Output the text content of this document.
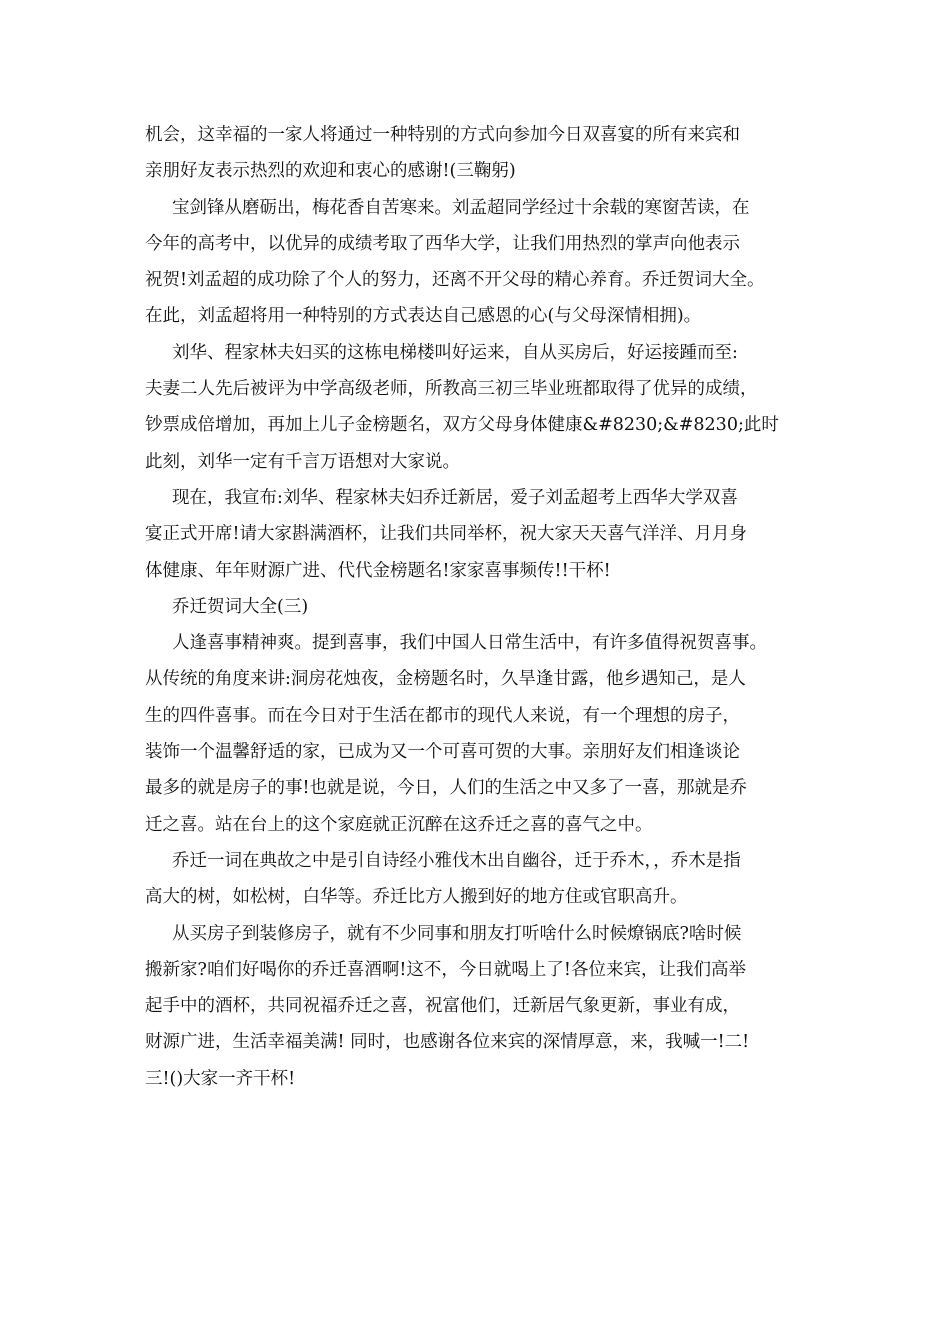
机会，这幸福的一家人将通过一种特别的方式向参加今日双喜宴的所有来宾和
亲朋好友表示热烈的欢迎和衷心的感谢!(三鞠躬)
宝剑锋从磨砺出，梅花香自苦寒来。刘孟超同学经过十余载的寒窗苦读，在
今年的高考中，以优异的成绩考取了西华大学，让我们用热烈的掌声向他表示
祝贺!刘孟超的成功除了个人的努力，还离不开父母的精心养育。乔迁贺词大全。
在此，刘孟超将用一种特别的方式表达自己感恩的心(与父母深情相拥)。
刘华、程家林夫妇买的这栋电梯楼叫好运来，自从买房后，好运接踵而至:
夫妻二人先后被评为中学高级老师，所教高三初三毕业班都取得了优异的成绩，
钞票成倍增加，再加上儿子金榜题名，双方父母身体健康&#8230;&#8230;此时
此刻，刘华一定有千言万语想对大家说。
现在，我宣布:刘华、程家林夫妇乔迁新居，爱子刘孟超考上西华大学双喜
宴正式开席!请大家斟满酒杯，让我们共同举杯，祝大家天天喜气洋洋、月月身
体健康、年年财源广进、代代金榜题名!家家喜事频传!!干杯!
乔迁贺词大全(三)
人逢喜事精神爽。提到喜事，我们中国人日常生活中，有许多值得祝贺喜事。
从传统的角度来讲:洞房花烛夜，金榜题名时，久旱逢甘露，他乡遇知己，是人
生的四件喜事。而在今日对于生活在都市的现代人来说，有一个理想的房子，
装饰一个温馨舒适的家，已成为又一个可喜可贺的大事。亲朋好友们相逢谈论
最多的就是房子的事!也就是说，今日，人们的生活之中又多了一喜，那就是乔
迁之喜。站在台上的这个家庭就正沉醉在这乔迁之喜的喜气之中。
乔迁一词在典故之中是引自诗经小雅伐木出自幽谷，迁于乔木，，乔木是指
高大的树，如松树，白华等。乔迁比方人搬到好的地方住或官职高升。
从买房子到装修房子，就有不少同事和朋友打听啥什么时候燎锅底?啥时候
搬新家?咱们好喝你的乔迁喜酒啊!这不，今日就喝上了!各位来宾，让我们高举
起手中的酒杯，共同祝福乔迁之喜，祝富他们，迁新居气象更新，事业有成，
财源广进，生活幸福美满! 同时，也感谢各位来宾的深情厚意，来，我喊一!二!
三!()大家一齐干杯!
